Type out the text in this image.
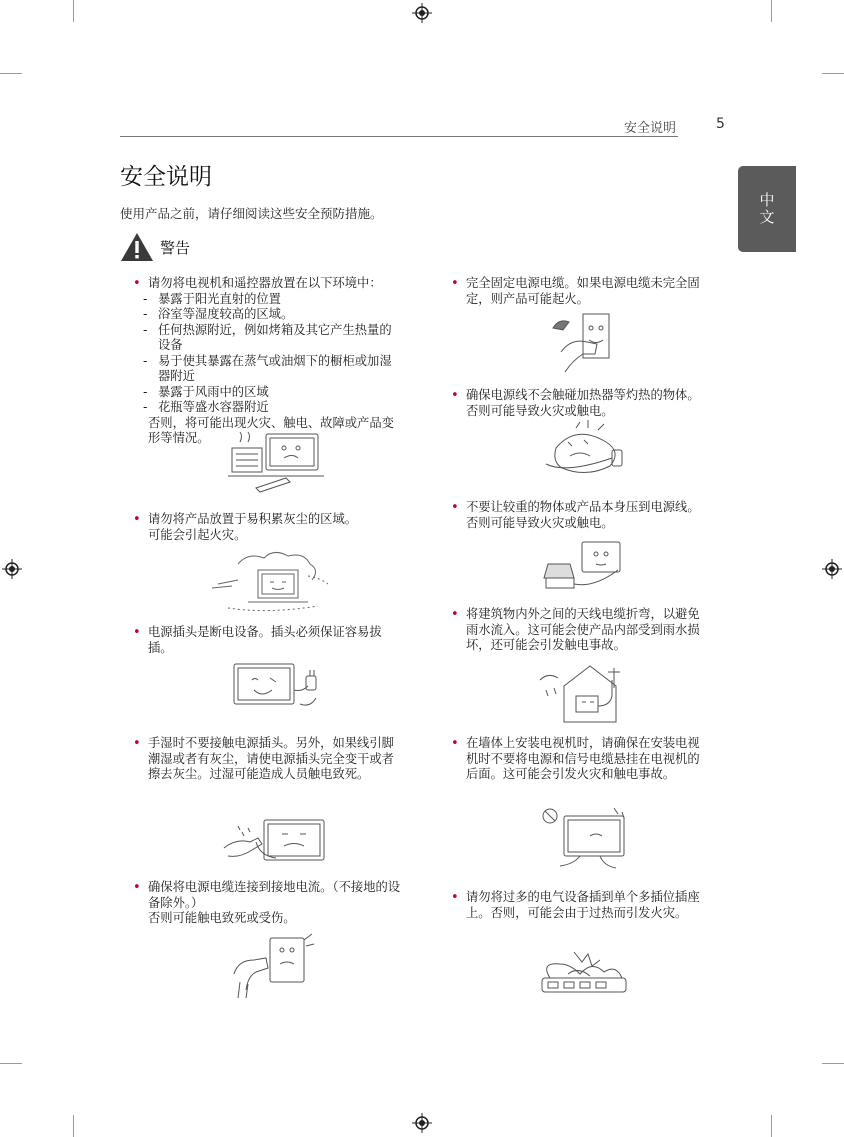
安全说明	5
中文
安全说明
使用产品之前，请仔细阅读这些安全预防措施。
警告
• 请勿将电视机和遥控器放置在以下环境中：
- 暴露于阳光直射的位置
- 浴室等湿度较高的区域。
- 任何热源附近，例如烤箱及其它产生热量的设备
- 易于使其暴露在蒸气或油烟下的橱柜或加湿器附近
- 暴露于风雨中的区域
- 花瓶等盛水容器附近
否则，将可能出现火灾、触电、故障或产品变形等情况。
• 请勿将产品放置于易积累灰尘的区域。
可能会引起火灾。
• 电源插头是断电设备。插头必须保证容易拔插。
• 手湿时不要接触电源插头。另外，如果线引脚潮湿或者有灰尘，请使电源插头完全变干或者擦去灰尘。过湿可能造成人员触电致死。
• 确保将电源电缆连接到接地电流。（不接地的设备除外。）
否则可能触电致死或受伤。
• 完全固定电源电缆。如果电源电缆未完全固定，则产品可能起火。
• 确保电源线不会触碰加热器等灼热的物体。否则可能导致火灾或触电。
• 不要让较重的物体或产品本身压到电源线。否则可能导致火灾或触电。
• 将建筑物内外之间的天线电缆折弯，以避免雨水流入。这可能会使产品内部受到雨水损坏，还可能会引发触电事故。
• 在墙体上安装电视机时，请确保在安装电视机时不要将电源和信号电缆悬挂在电视机的后面。这可能会引发火灾和触电事故。
• 请勿将过多的电气设备插到单个多插位插座上。否则，可能会由于过热而引发火灾。
